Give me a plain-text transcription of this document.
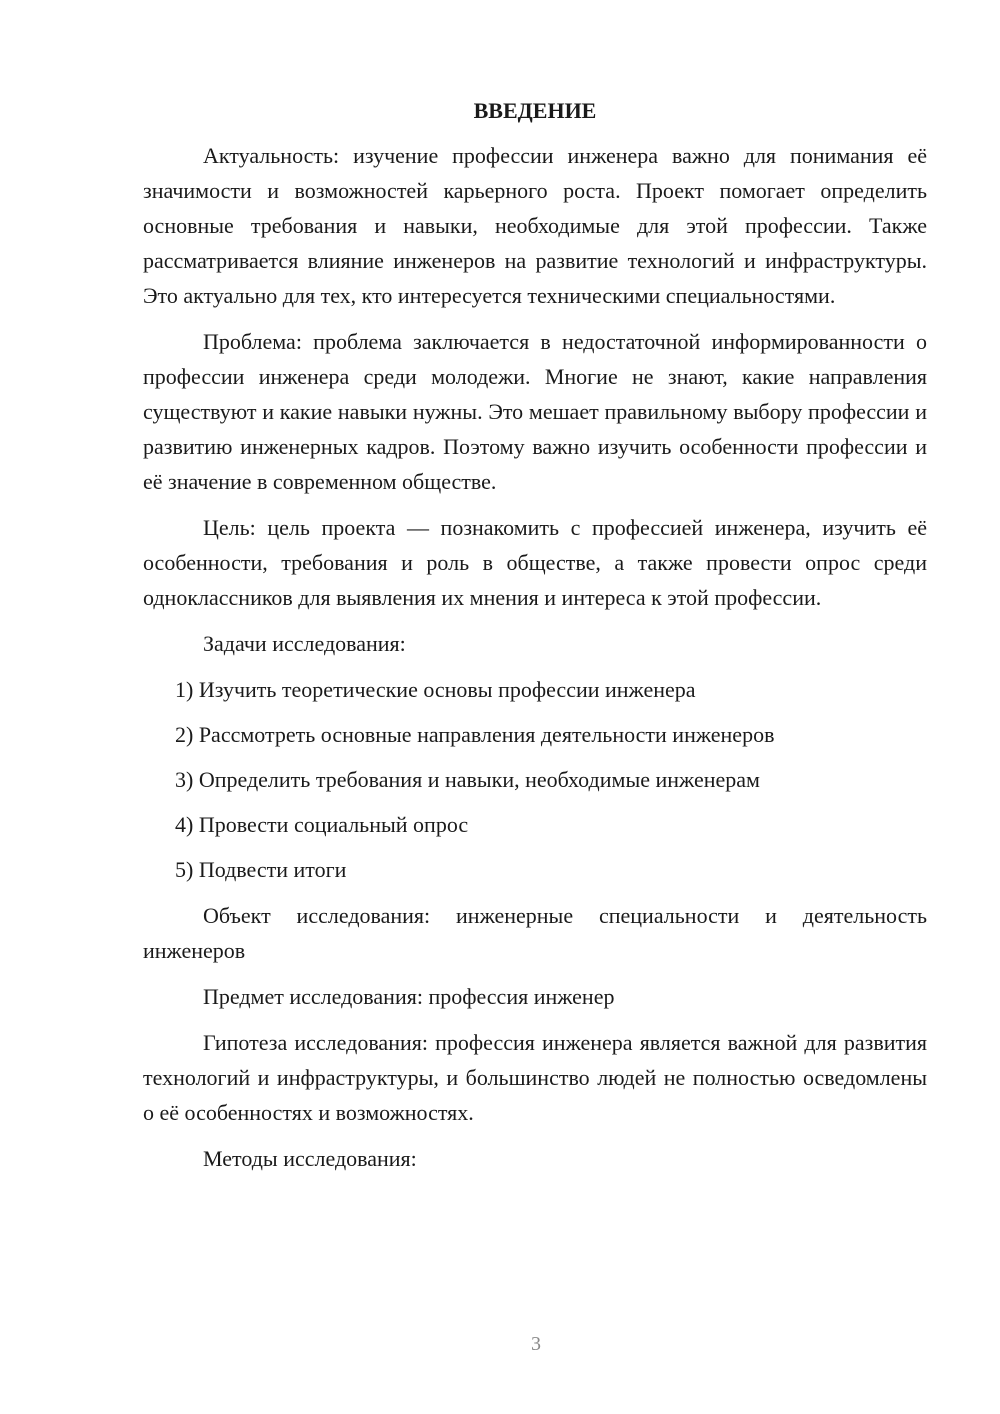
ВВЕДЕНИЕ

Актуальность: изучение профессии инженера важно для понимания её значимости и возможностей карьерного роста. Проект помогает определить основные требования и навыки, необходимые для этой профессии. Также рассматривается влияние инженеров на развитие технологий и инфраструктуры. Это актуально для тех, кто интересуется техническими специальностями.

Проблема: проблема заключается в недостаточной информированности о профессии инженера среди молодежи. Многие не знают, какие направления существуют и какие навыки нужны. Это мешает правильному выбору профессии и развитию инженерных кадров. Поэтому важно изучить особенности профессии и её значение в современном обществе.

Цель: цель проекта — познакомить с профессией инженера, изучить её особенности, требования и роль в обществе, а также провести опрос среди одноклассников для выявления их мнения и интереса к этой профессии.

Задачи исследования:

1) Изучить теоретические основы профессии инженера
2) Рассмотреть основные направления деятельности инженеров
3) Определить требования и навыки, необходимые инженерам
4) Провести социальный опрос
5) Подвести итоги

Объект исследования: инженерные специальности и деятельность инженеров

Предмет исследования: профессия инженер

Гипотеза исследования: профессия инженера является важной для развития технологий и инфраструктуры, и большинство людей не полностью осведомлены о её особенностях и возможностях.

Методы исследования:

3
